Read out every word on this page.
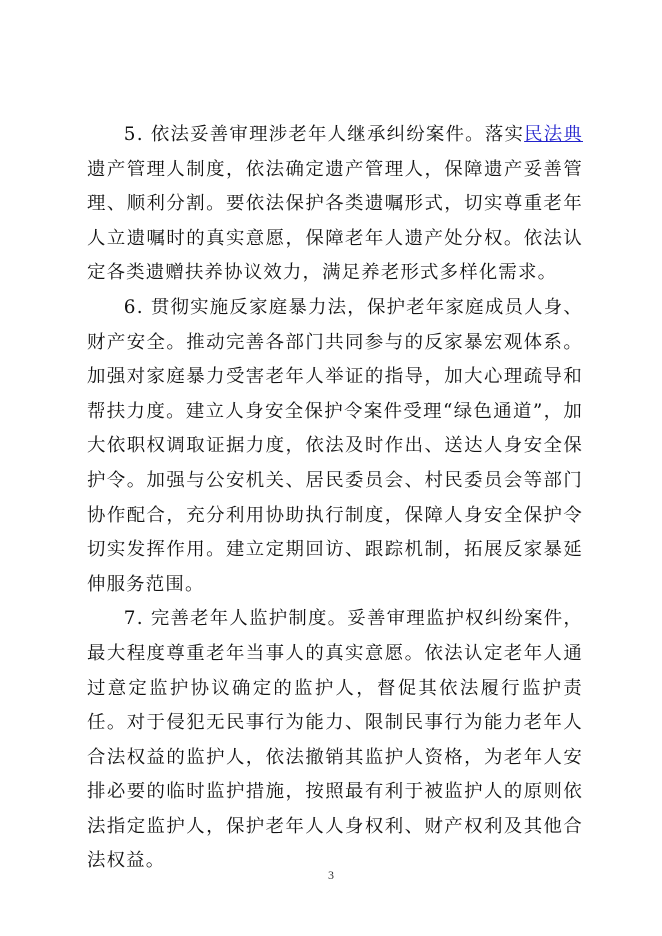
5. 依法妥善审理涉老年人继承纠纷案件。落实民法典遗产管理人制度，依法确定遗产管理人，保障遗产妥善管理、顺利分割。要依法保护各类遗嘱形式，切实尊重老年人立遗嘱时的真实意愿，保障老年人遗产处分权。依法认定各类遗赠扶养协议效力，满足养老形式多样化需求。

6. 贯彻实施反家庭暴力法，保护老年家庭成员人身、财产安全。推动完善各部门共同参与的反家暴宏观体系。加强对家庭暴力受害老年人举证的指导，加大心理疏导和帮扶力度。建立人身安全保护令案件受理“绿色通道”，加大依职权调取证据力度，依法及时作出、送达人身安全保护令。加强与公安机关、居民委员会、村民委员会等部门协作配合，充分利用协助执行制度，保障人身安全保护令切实发挥作用。建立定期回访、跟踪机制，拓展反家暴延伸服务范围。

7. 完善老年人监护制度。妥善审理监护权纠纷案件，最大程度尊重老年当事人的真实意愿。依法认定老年人通过意定监护协议确定的监护人，督促其依法履行监护责任。对于侵犯无民事行为能力、限制民事行为能力老年人合法权益的监护人，依法撤销其监护人资格，为老年人安排必要的临时监护措施，按照最有利于被监护人的原则依法指定监护人，保护老年人人身权利、财产权利及其他合法权益。

3
